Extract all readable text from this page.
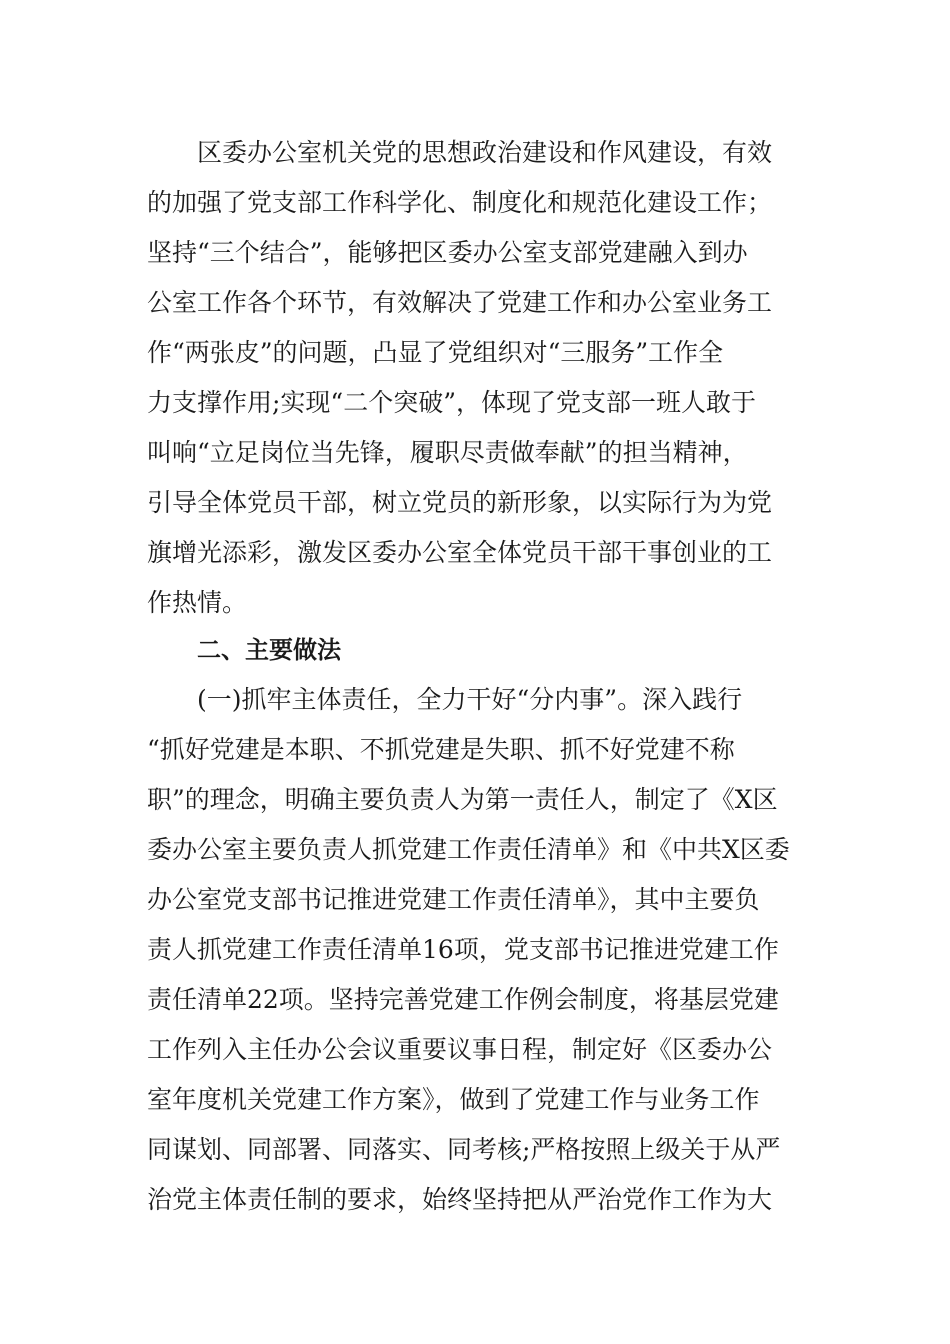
区委办公室机关党的思想政治建设和作风建设，有效
的加强了党支部工作科学化、制度化和规范化建设工作；
坚持“三个结合”，能够把区委办公室支部党建融入到办
公室工作各个环节，有效解决了党建工作和办公室业务工
作“两张皮”的问题，凸显了党组织对“三服务”工作全
力支撑作用;实现“二个突破”，体现了党支部一班人敢于
叫响“立足岗位当先锋，履职尽责做奉献”的担当精神，
引导全体党员干部，树立党员的新形象，以实际行为为党
旗增光添彩，激发区委办公室全体党员干部干事创业的工
作热情。
二、主要做法
(一)抓牢主体责任，全力干好“分内事”。深入践行
“抓好党建是本职、不抓党建是失职、抓不好党建不称
职”的理念，明确主要负责人为第一责任人，制定了《X区
委办公室主要负责人抓党建工作责任清单》和《中共X区委
办公室党支部书记推进党建工作责任清单》，其中主要负
责人抓党建工作责任清单16项，党支部书记推进党建工作
责任清单22项。坚持完善党建工作例会制度，将基层党建
工作列入主任办公会议重要议事日程，制定好《区委办公
室年度机关党建工作方案》，做到了党建工作与业务工作
同谋划、同部署、同落实、同考核;严格按照上级关于从严
治党主体责任制的要求，始终坚持把从严治党作工作为大
